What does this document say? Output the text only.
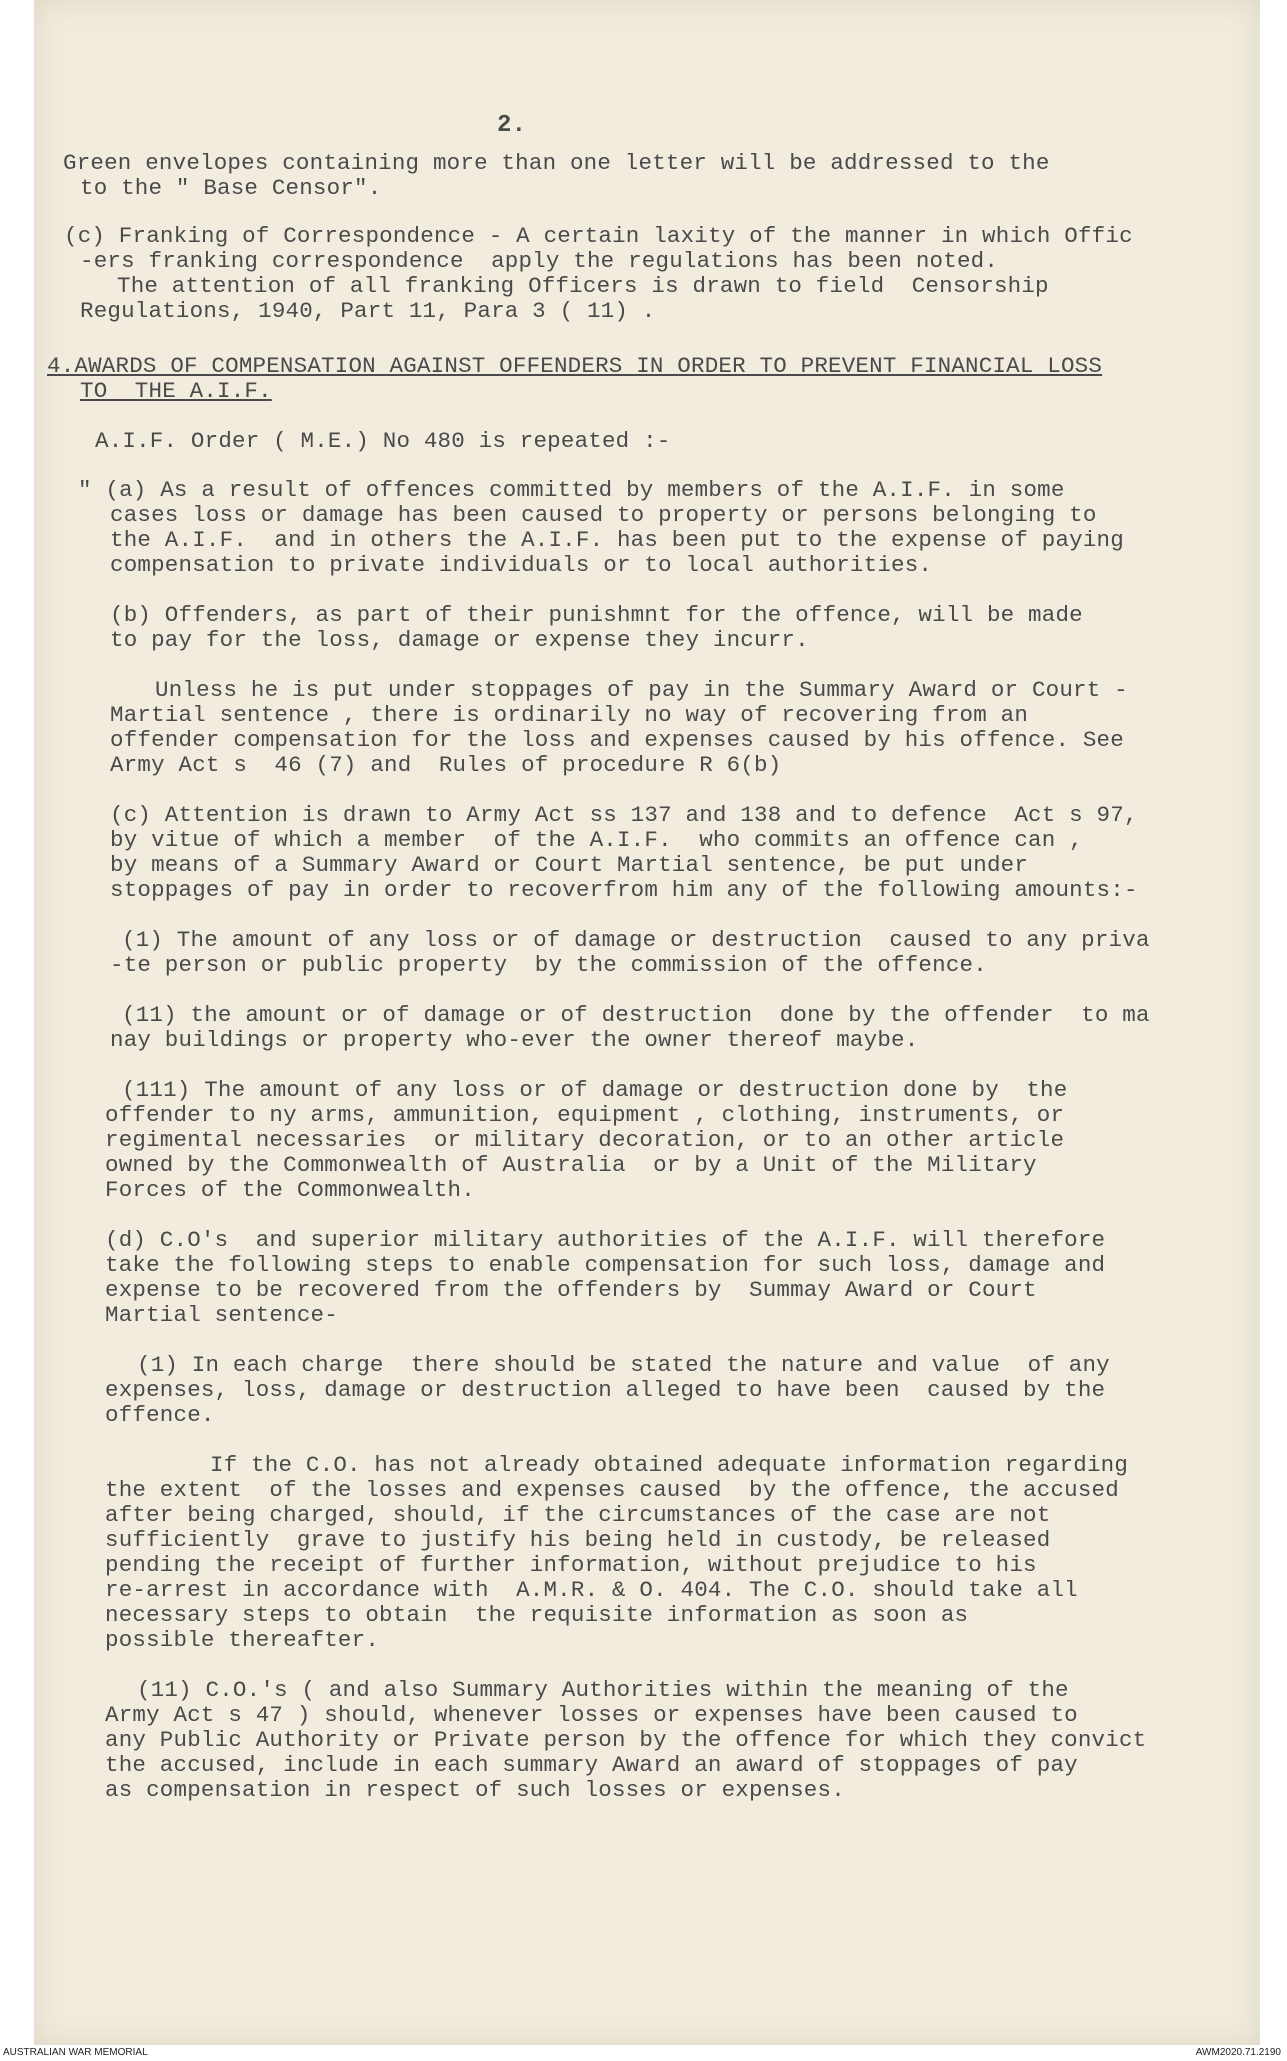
2.

Green envelopes containing more than one letter will be addressed to the
to the " Base Censor".
(c) Franking of Correspondence - A certain laxity of the manner in which Offic
-ers franking correspondence  apply the regulations has been noted.
The attention of all franking Officers is drawn to field  Censorship
Regulations, 1940, Part 11, Para 3 ( 11) .
4.AWARDS OF COMPENSATION AGAINST OFFENDERS IN ORDER TO PREVENT FINANCIAL LOSS
TO  THE A.I.F.
A.I.F. Order ( M.E.) No 480 is repeated :-
" (a) As a result of offences committed by members of the A.I.F. in some
cases loss or damage has been caused to property or persons belonging to
the A.I.F.  and in others the A.I.F. has been put to the expense of paying
compensation to private individuals or to local authorities.
(b) Offenders, as part of their punishmnt for the offence, will be made
to pay for the loss, damage or expense they incurr.
Unless he is put under stoppages of pay in the Summary Award or Court -
Martial sentence , there is ordinarily no way of recovering from an
offender compensation for the loss and expenses caused by his offence. See
Army Act s  46 (7) and  Rules of procedure R 6(b)
(c) Attention is drawn to Army Act ss 137 and 138 and to defence  Act s 97,
by vitue of which a member  of the A.I.F.  who commits an offence can ,
by means of a Summary Award or Court Martial sentence, be put under
stoppages of pay in order to recoverfrom him any of the following amounts:-
(1) The amount of any loss or of damage or destruction  caused to any priva
-te person or public property  by the commission of the offence.
(11) the amount or of damage or of destruction  done by the offender  to ma
nay buildings or property who-ever the owner thereof maybe.
(111) The amount of any loss or of damage or destruction done by  the
offender to ny arms, ammunition, equipment , clothing, instruments, or
regimental necessaries  or military decoration, or to an other article
owned by the Commonwealth of Australia  or by a Unit of the Military
Forces of the Commonwealth.
(d) C.O's  and superior military authorities of the A.I.F. will therefore
take the following steps to enable compensation for such loss, damage and
expense to be recovered from the offenders by  Summay Award or Court
Martial sentence-
(1) In each charge  there should be stated the nature and value  of any
expenses, loss, damage or destruction alleged to have been  caused by the
offence.
If the C.O. has not already obtained adequate information regarding
the extent  of the losses and expenses caused  by the offence, the accused
after being charged, should, if the circumstances of the case are not
sufficiently  grave to justify his being held in custody, be released
pending the receipt of further information, without prejudice to his
re-arrest in accordance with  A.M.R. & O. 404. The C.O. should take all
necessary steps to obtain  the requisite information as soon as
possible thereafter.
(11) C.O.'s ( and also Summary Authorities within the meaning of the
Army Act s 47 ) should, whenever losses or expenses have been caused to
any Public Authority or Private person by the offence for which they convict
the accused, include in each summary Award an award of stoppages of pay
as compensation in respect of such losses or expenses.
AUSTRALIAN WAR MEMORIAL	AWM2020.71.2190
